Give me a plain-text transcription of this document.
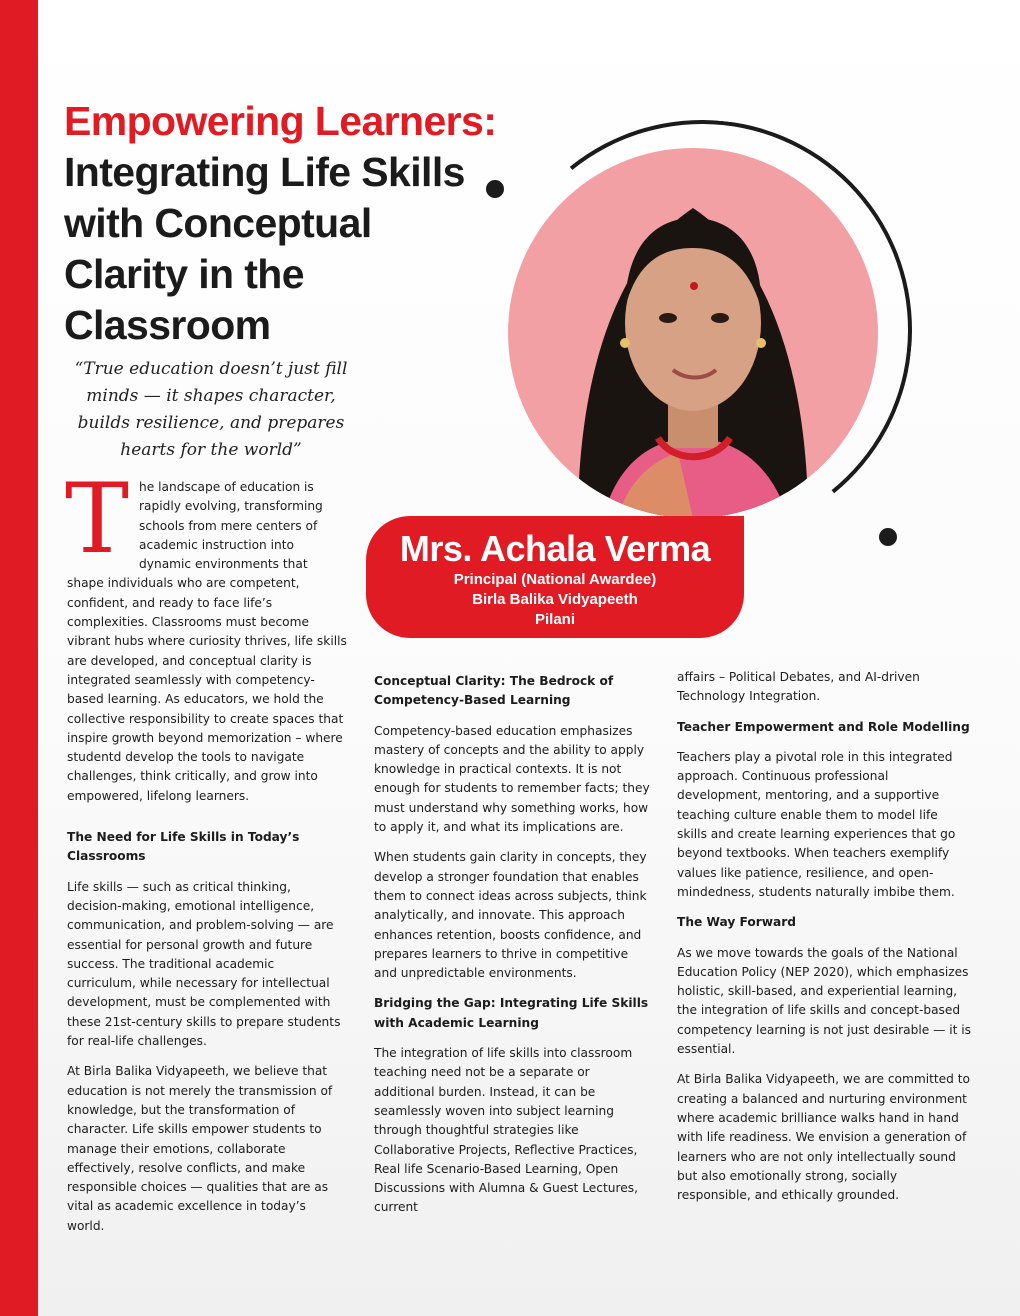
Empowering Learners:
Integrating Life Skills with Conceptual Clarity in the Classroom

“True education doesn’t just fill minds — it shapes character, builds resilience, and prepares hearts for the world”

Mrs. Achala Verma
Principal (National Awardee)
Birla Balika Vidyapeeth
Pilani

The landscape of education is rapidly evolving, transforming schools from mere centers of academic instruction into dynamic environments that shape individuals who are competent, confident, and ready to face life’s complexities. Classrooms must become vibrant hubs where curiosity thrives, life skills are developed, and conceptual clarity is integrated seamlessly with competency-based learning. As educators, we hold the collective responsibility to create spaces that inspire growth beyond memorization – where studentd develop the tools to navigate challenges, think critically, and grow into empowered, lifelong learners.

The Need for Life Skills in Today’s Classrooms

Life skills — such as critical thinking, decision-making, emotional intelligence, communication, and problem-solving — are essential for personal growth and future success. The traditional academic curriculum, while necessary for intellectual development, must be complemented with these 21st-century skills to prepare students for real-life challenges.

At Birla Balika Vidyapeeth, we believe that education is not merely the transmission of knowledge, but the transformation of character. Life skills empower students to manage their emotions, collaborate effectively, resolve conflicts, and make responsible choices — qualities that are as vital as academic excellence in today’s world.

Conceptual Clarity: The Bedrock of Competency-Based Learning

Competency-based education emphasizes mastery of concepts and the ability to apply knowledge in practical contexts. It is not enough for students to remember facts; they must understand why something works, how to apply it, and what its implications are.

When students gain clarity in concepts, they develop a stronger foundation that enables them to connect ideas across subjects, think analytically, and innovate. This approach enhances retention, boosts confidence, and prepares learners to thrive in competitive and unpredictable environments.

Bridging the Gap: Integrating Life Skills with Academic Learning

The integration of life skills into classroom teaching need not be a separate or additional burden. Instead, it can be seamlessly woven into subject learning through thoughtful strategies like Collaborative Projects, Reflective Practices, Real life Scenario-Based Learning, Open Discussions with Alumna & Guest Lectures, current

affairs – Political Debates, and AI-driven Technology Integration.

Teacher Empowerment and Role Modelling

Teachers play a pivotal role in this integrated approach. Continuous professional development, mentoring, and a supportive teaching culture enable them to model life skills and create learning experiences that go beyond textbooks. When teachers exemplify values like patience, resilience, and open-mindedness, students naturally imbibe them.

The Way Forward

As we move towards the goals of the National Education Policy (NEP 2020), which emphasizes holistic, skill-based, and experiential learning, the integration of life skills and concept-based competency learning is not just desirable — it is essential.

At Birla Balika Vidyapeeth, we are committed to creating a balanced and nurturing environment where academic brilliance walks hand in hand with life readiness. We envision a generation of learners who are not only intellectually sound but also emotionally strong, socially responsible, and ethically grounded.
